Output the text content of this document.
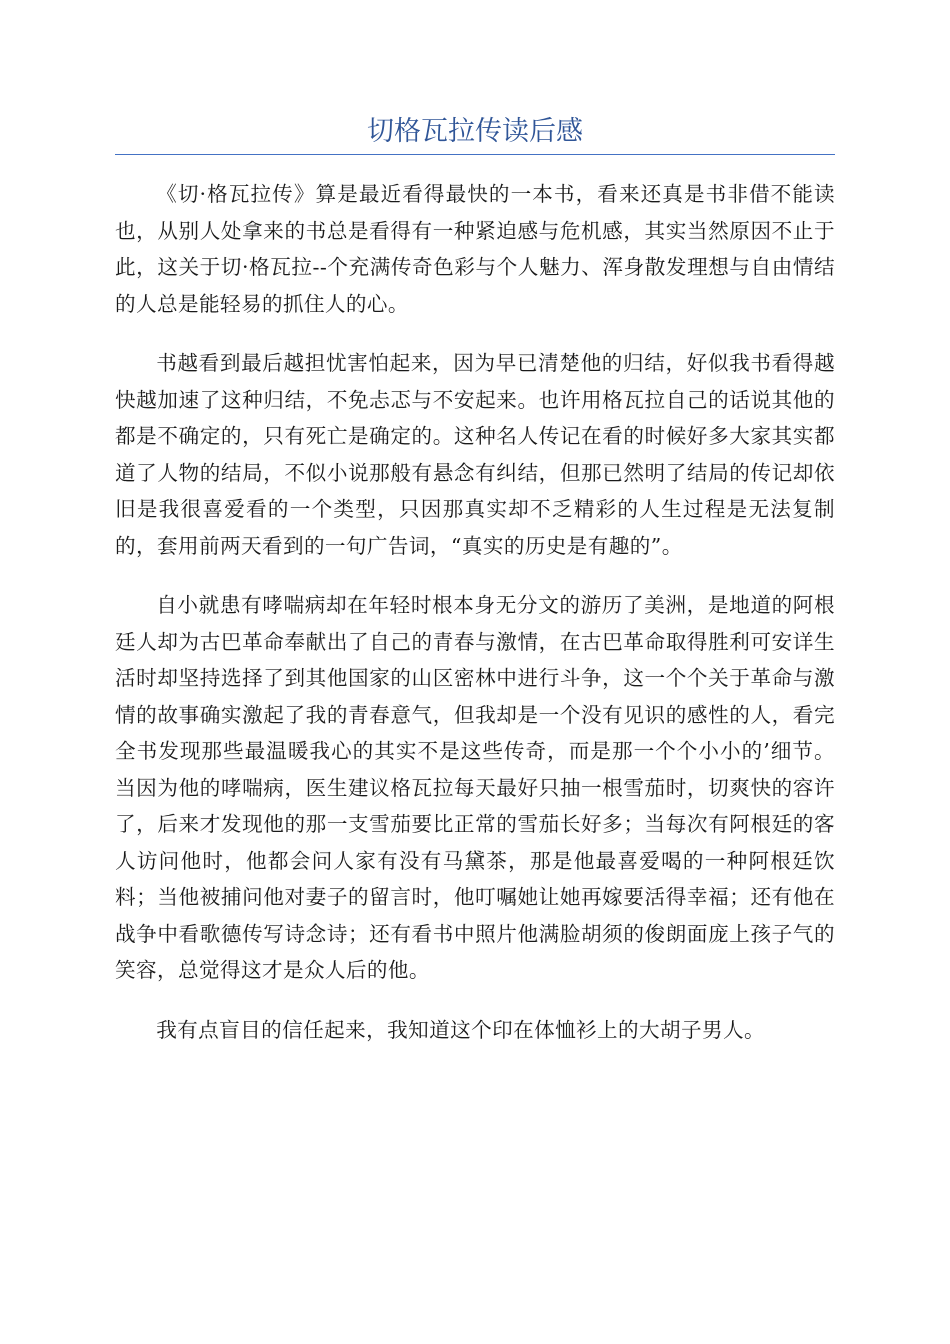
切格瓦拉传读后感

《切·格瓦拉传》算是最近看得最快的一本书，看来还真是书非借不能读也，从别人处拿来的书总是看得有一种紧迫感与危机感，其实当然原因不止于此，这关于切·格瓦拉--个充满传奇色彩与个人魅力、浑身散发理想与自由情结的人总是能轻易的抓住人的心。

书越看到最后越担忧害怕起来，因为早已清楚他的归结，好似我书看得越快越加速了这种归结，不免忐忑与不安起来。也许用格瓦拉自己的话说其他的都是不确定的，只有死亡是确定的。这种名人传记在看的时候好多大家其实都道了人物的结局，不似小说那般有悬念有纠结，但那已然明了结局的传记却依旧是我很喜爱看的一个类型，只因那真实却不乏精彩的人生过程是无法复制的，套用前两天看到的一句广告词，“真实的历史是有趣的”。

自小就患有哮喘病却在年轻时根本身无分文的游历了美洲，是地道的阿根廷人却为古巴革命奉献出了自己的青春与激情，在古巴革命取得胜利可安详生活时却坚持选择了到其他国家的山区密林中进行斗争，这一个个关于革命与激情的故事确实激起了我的青春意气，但我却是一个没有见识的感性的人，看完全书发现那些最温暖我心的其实不是这些传奇，而是那一个个小小的’细节。当因为他的哮喘病，医生建议格瓦拉每天最好只抽一根雪茄时，切爽快的容许了，后来才发现他的那一支雪茄要比正常的雪茄长好多；当每次有阿根廷的客人访问他时，他都会问人家有没有马黛茶，那是他最喜爱喝的一种阿根廷饮料；当他被捕问他对妻子的留言时，他叮嘱她让她再嫁要活得幸福；还有他在战争中看歌德传写诗念诗；还有看书中照片他满脸胡须的俊朗面庞上孩子气的笑容，总觉得这才是众人后的他。

我有点盲目的信任起来，我知道这个印在体恤衫上的大胡子男人。
